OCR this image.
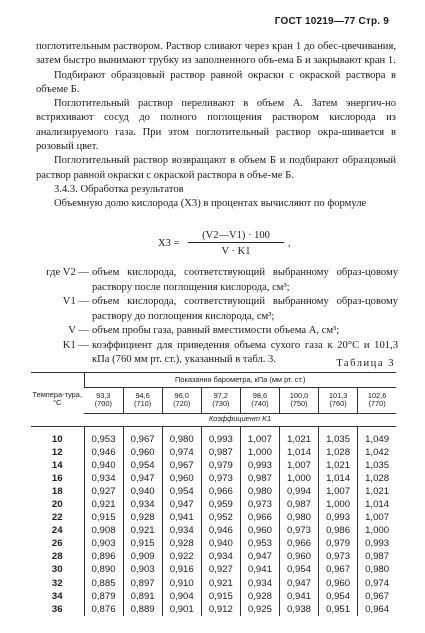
ГОСТ 10219—77 Стр. 9

поглотительным раствором. Раствор сливают через кран 1 до обес-цвечивания, затем быстро вынимают трубку из заполненного объ-ема Б и закрывают кран 1.

Подбирают образцовый раствор равной окраски с окраской раствора в объеме Б.

Поглотительный раствор переливают в объем А. Затем энергич-но встряхивают сосуд до полного поглощения раствором кислорода из анализируемого газа. При этом поглотительный раствор окра-шивается в розовый цвет.

Поглотительный раствор возвращают в объем Б и подбирают образцовый раствор равной окраски с окраской раствора в объе-ме Б.

3.4.3. Обработка результатов

Объемную долю кислорода (X3) в процентах вычисляют по формуле

X3 =
(V2—V1) · 100
V · K1
,
где V2 — объем кислорода, соответствующий выбранному образ-цовому раствору после поглощения кислорода, см³;
V1 — объем кислорода, соответствующий выбранному образ-цовому раствору до поглощения кислорода, см³;
V — объем пробы газа, равный вместимости объема А, см³;
K1 — коэффициент для приведения объема сухого газа к 20°С и 101,3 кПа (760 мм рт. ст.), указанный в табл. 3.	Таблица 3
Темпера-тура, °С	Показания барометра, кПа (мм рт. ст.)							
	93,3
(700)	94,6
(710)	96,0
(720)	97,2
(730)	98,6
(740)	100,0
(750)	101,3
(760)	102,6
(770)
	Коэффициент K1							
10	0,953	0,967	0,980	0,993	1,007	1,021	1,035	1,049
12	0,946	0,960	0,974	0,987	1,000	1,014	1,028	1,042
14	0,940	0,954	0,967	0,979	0,993	1,007	1,021	1,035
16	0,934	0,947	0,960	0,973	0,987	1,000	1,014	1,028
18	0,927	0,940	0,954	0,966	0,980	0,994	1,007	1,021
20	0,921	0,934	0,947	0,959	0,973	0,987	1,000	1,014
22	0,915	0,928	0,941	0,952	0,966	0,980	0,993	1,007
24	0,908	0,921	0,934	0,946	0,960	0,973	0,986	1,000
26	0,903	0,915	0,928	0,940	0,953	0,966	0,979	0,993
28	0,896	0,909	0,922	0,934	0,947	0,960	0,973	0,987
30	0,890	0,903	0,916	0,927	0,941	0,954	0,967	0,980
32	0,885	0,897	0,910	0,921	0,934	0,947	0,960	0,974
34	0,879	0,891	0,904	0,915	0,928	0,941	0,954	0,967
36	0,876	0,889	0,901	0,912	0,925	0,938	0,951	0,964
